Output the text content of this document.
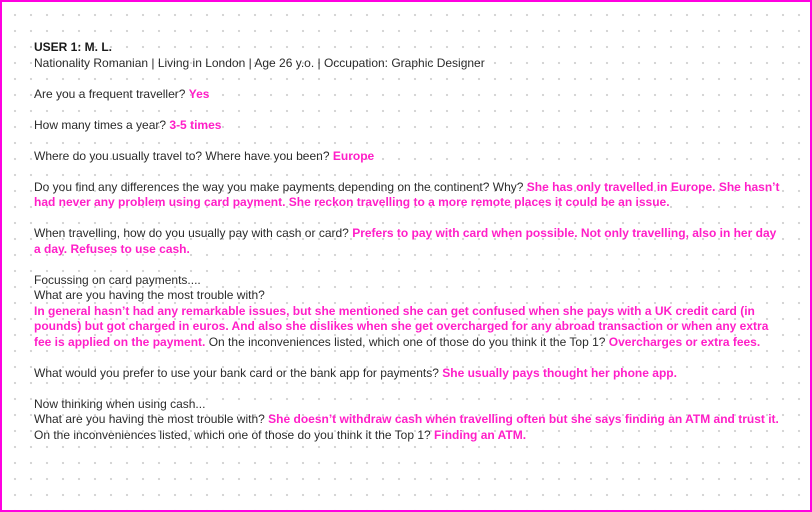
USER 1: M. L.
Nationality Romanian | Living in London | Age 26 y.o. | Occupation: Graphic Designer

Are you a frequent traveller? Yes

How many times a year? 3-5 times

Where do you usually travel to? Where have you been? Europe

Do you find any differences the way you make payments depending on the continent? Why? She has only travelled in Europe. She hasn’t had never any problem using card payment. She reckon travelling to a more remote places it could be an issue.

When travelling, how do you usually pay with cash or card? Prefers to pay with card when possible. Not only travelling, also in her day a day. Refuses to use cash.

Focussing on card payments....
What are you having the most trouble with?
In general hasn’t had any remarkable issues, but she mentioned she can get confused when she pays with a UK credit card (in pounds) but got charged in euros. And also she dislikes when she get overcharged for any abroad transaction or when any extra fee is applied on the payment. On the inconveniences listed, which one of those do you think it the Top 1? Overcharges or extra fees.

What would you prefer to use your bank card or the bank app for payments? She usually pays thought her phone app.

Now thinking when using cash...
What are you having the most trouble with? She doesn’t withdraw cash when travelling often but she says finding an ATM and trust it. On the inconveniences listed, which one of those do you think it the Top 1? Finding an ATM.
